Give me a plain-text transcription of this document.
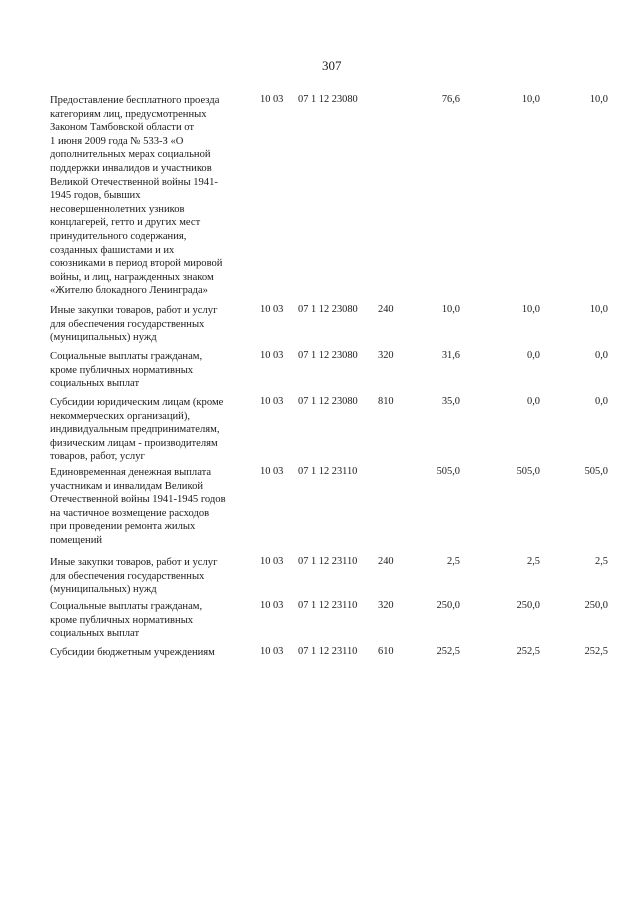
307
Предоставление бесплатного проезда
категориям лиц, предусмотренных
Законом Тамбовской области от
1 июня 2009 года № 533-З «О
дополнительных мерах социальной
поддержки инвалидов и участников
Великой Отечественной войны 1941-
1945 годов, бывших
несовершеннолетних узников
концлагерей, гетто и других мест
принудительного содержания,
созданных фашистами и их
союзниками в период второй мировой
войны, и лиц, награжденных знаком
«Жителю блокадного Ленинграда»
10 03 07 1 12 23080	76,6	10,0	10,0
Иные закупки товаров, работ и услуг
для обеспечения государственных
(муниципальных) нужд
10 03 07 1 12 23080 240	10,0	10,0	10,0
Социальные выплаты гражданам,
кроме публичных нормативных
социальных выплат
10 03 07 1 12 23080 320	31,6	0,0	0,0
Субсидии юридическим лицам (кроме
некоммерческих организаций),
индивидуальным предпринимателям,
физическим лицам - производителям
товаров, работ, услуг
10 03 07 1 12 23080 810	35,0	0,0	0,0
Единовременная денежная выплата
участникам и инвалидам Великой
Отечественной войны 1941-1945 годов
на частичное возмещение расходов
при проведении ремонта жилых
помещений
10 03 07 1 12 23110	505,0	505,0	505,0
Иные закупки товаров, работ и услуг
для обеспечения государственных
(муниципальных) нужд
10 03 07 1 12 23110 240	2,5	2,5	2,5
Социальные выплаты гражданам,
кроме публичных нормативных
социальных выплат
10 03 07 1 12 23110 320	250,0	250,0	250,0
Субсидии бюджетным учреждениям	10 03 07 1 12 23110 610	252,5	252,5	252,5
